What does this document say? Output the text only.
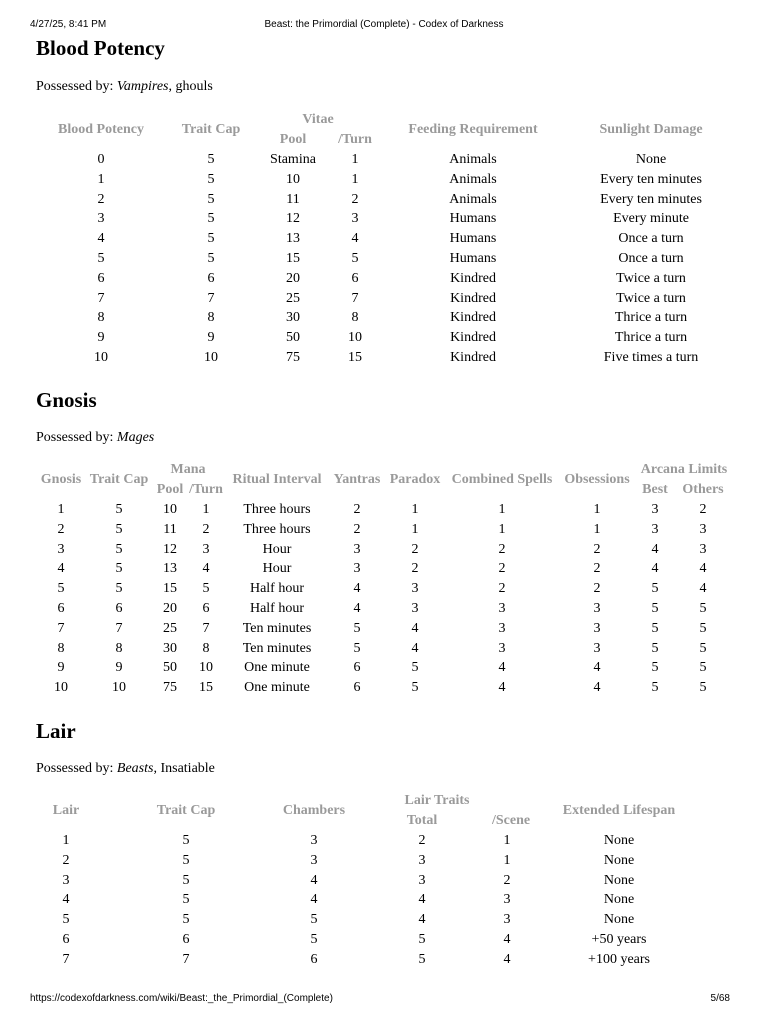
4/27/25, 8:41 PM	Beast: the Primordial (Complete) - Codex of Darkness
Blood Potency

Possessed by: Vampires, ghouls

Blood Potency	Trait Cap	Vitae		Feeding Requirement	Sunlight Damage
		Pool	/Turn		
0	5	Stamina	1	Animals	None
1	5	10	1	Animals	Every ten minutes
2	5	11	2	Animals	Every ten minutes
3	5	12	3	Humans	Every minute
4	5	13	4	Humans	Once a turn
5	5	15	5	Humans	Once a turn
6	6	20	6	Kindred	Twice a turn
7	7	25	7	Kindred	Twice a turn
8	8	30	8	Kindred	Thrice a turn
9	9	50	10	Kindred	Thrice a turn
10	10	75	15	Kindred	Five times a turn
Gnosis

Possessed by: Mages

Gnosis	Trait Cap	Mana		Ritual Interval	Yantras	Paradox	Combined Spells	Obsessions	Arcana Limits	
		Pool	/Turn						Best	Others
1	5	10	1	Three hours	2	1	1	1	3	2
2	5	11	2	Three hours	2	1	1	1	3	3
3	5	12	3	Hour	3	2	2	2	4	3
4	5	13	4	Hour	3	2	2	2	4	4
5	5	15	5	Half hour	4	3	2	2	5	4
6	6	20	6	Half hour	4	3	3	3	5	5
7	7	25	7	Ten minutes	5	4	3	3	5	5
8	8	30	8	Ten minutes	5	4	3	3	5	5
9	9	50	10	One minute	6	5	4	4	5	5
10	10	75	15	One minute	6	5	4	4	5	5
Lair

Possessed by: Beasts, Insatiable

Lair	Trait Cap	Chambers	Lair Traits		Extended Lifespan
			Total	/Scene	
1	5	3	2	1	None
2	5	3	3	1	None
3	5	4	3	2	None
4	5	4	4	3	None
5	5	5	4	3	None
6	6	5	5	4	+50 years
7	7	6	5	4	+100 years
https://codexofdarkness.com/wiki/Beast:_the_Primordial_(Complete)	5/68
